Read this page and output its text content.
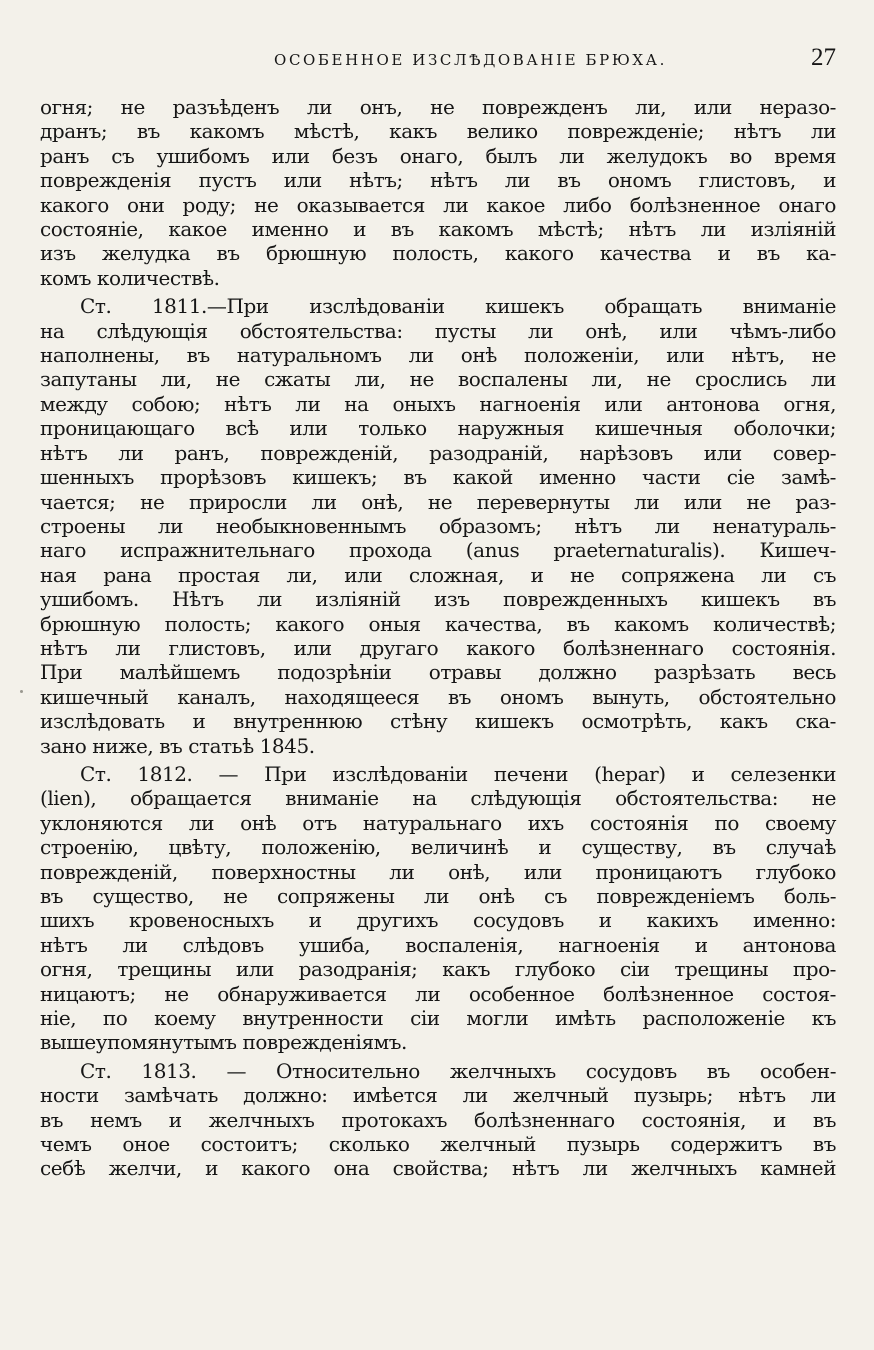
ОСОБЕННОЕ ИЗСЛѢДОВАНІЕ БРЮХА.	27
огня; не разъѣденъ ли онъ, не поврежденъ ли, или неразо-
дранъ; въ какомъ мѣстѣ, какъ велико поврежденіе; нѣтъ ли
ранъ съ ушибомъ или безъ онаго, былъ ли желудокъ во время
поврежденія пустъ или нѣтъ; нѣтъ ли въ ономъ глистовъ, и
какого они роду; не оказывается ли какое либо болѣзненное онаго
состояніе, какое именно и въ какомъ мѣстѣ; нѣтъ ли изліяній
изъ желудка въ брюшную полость, какого качества и въ ка-
комъ количествѣ.
Ст. 1811.—При изслѣдованіи кишекъ обращать вниманіе
на слѣдующія обстоятельства: пусты ли онѣ, или чѣмъ-либо
наполнены, въ натуральномъ ли онѣ положеніи, или нѣтъ, не
запутаны ли, не сжаты ли, не воспалены ли, не срослись ли
между собою; нѣтъ ли на оныхъ нагноенія или антонова огня,
проницающаго всѣ или только наружныя кишечныя оболочки;
нѣтъ ли ранъ, поврежденій, разодраній, нарѣзовъ или совер-
шенныхъ прорѣзовъ кишекъ; въ какой именно части сіе замѣ-
чается; не приросли ли онѣ, не перевернуты ли или не раз-
строены ли необыкновеннымъ образомъ; нѣтъ ли ненатураль-
наго испражнительнаго прохода (anus praeternaturalis). Кишеч-
ная рана простая ли, или сложная, и не сопряжена ли съ
ушибомъ. Нѣтъ ли изліяній изъ поврежденныхъ кишекъ въ
брюшную полость; какого оныя качества, въ какомъ количествѣ;
нѣтъ ли глистовъ, или другаго какого болѣзненнаго состоянія.
При малѣйшемъ подозрѣніи отравы должно разрѣзать весь
кишечный каналъ, находящееся въ ономъ вынуть, обстоятельно
изслѣдовать и внутреннюю стѣну кишекъ осмотрѣть, какъ ска-
зано ниже, въ статьѣ 1845.
Ст. 1812. — При изслѣдованіи печени (hepar) и селезенки
(lien), обращается вниманіе на слѣдующія обстоятельства: не
уклоняются ли онѣ отъ натуральнаго ихъ состоянія по своему
строенію, цвѣту, положенію, величинѣ и существу, въ случаѣ
поврежденій, поверхностны ли онѣ, или проницаютъ глубоко
въ существо, не сопряжены ли онѣ съ поврежденіемъ боль-
шихъ кровеносныхъ и другихъ сосудовъ и какихъ именно:
нѣтъ ли слѣдовъ ушиба, воспаленія, нагноенія и антонова
огня, трещины или разодранія; какъ глубоко сіи трещины про-
ницаютъ; не обнаруживается ли особенное болѣзненное состоя-
ніе, по коему внутренности сіи могли имѣть расположеніе къ
вышеупомянутымъ поврежденіямъ.
Ст. 1813. — Относительно желчныхъ сосудовъ въ особен-
ности замѣчать должно: имѣется ли желчный пузырь; нѣтъ ли
въ немъ и желчныхъ протокахъ болѣзненнаго состоянія, и въ
чемъ оное состоитъ; сколько желчный пузырь содержитъ въ
себѣ желчи, и какого она свойства; нѣтъ ли желчныхъ камней
